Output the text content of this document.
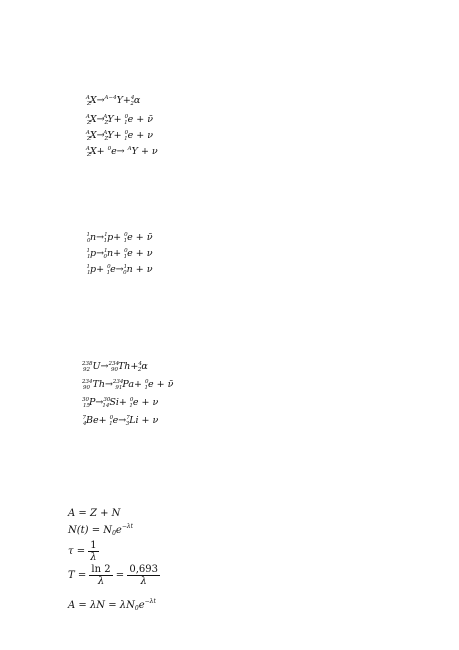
$_Z^A$X→$^{A-4}$Y+$^4_2$α
$_Z^AX\to_Z^AY+ ^0_1e$ + ν̄
$_Z^AX\to_Z^AY+ ^0_1e + \nu$
$_Z^A$X+ $^0$e→ $^A$Y + ν
$_0^1$n→$^1_1$p+ $^0_1$e + ν̄
$_1^1$p→$^1_0$n+ $^0_1$e + ν
$_1^1$p+ $^0_1$e→$^1_0$n + ν
$_{92}^{238}$U→$^{234}_{90}$Th+$^4_2$α
$_{90}^{234}$Th→$^{234}_{91}$Pa+ $^0_1$e + ν̄
$_{15}^{30}$P→$^{30}_{14}$Si+ $^0_1$e + ν
$_4^7$Be+ $^0_1$e→$^7_3$Li + ν
A = Z + N
$N(t) = N_0e^{-\lambda t}$
$\tau = \frac{1}{\lambda}$
$T = \frac{\ln 2}{\lambda} = \frac{0,693}{\lambda}$
$A = \lambda N = \lambda N_0e^{-\lambda t}$
